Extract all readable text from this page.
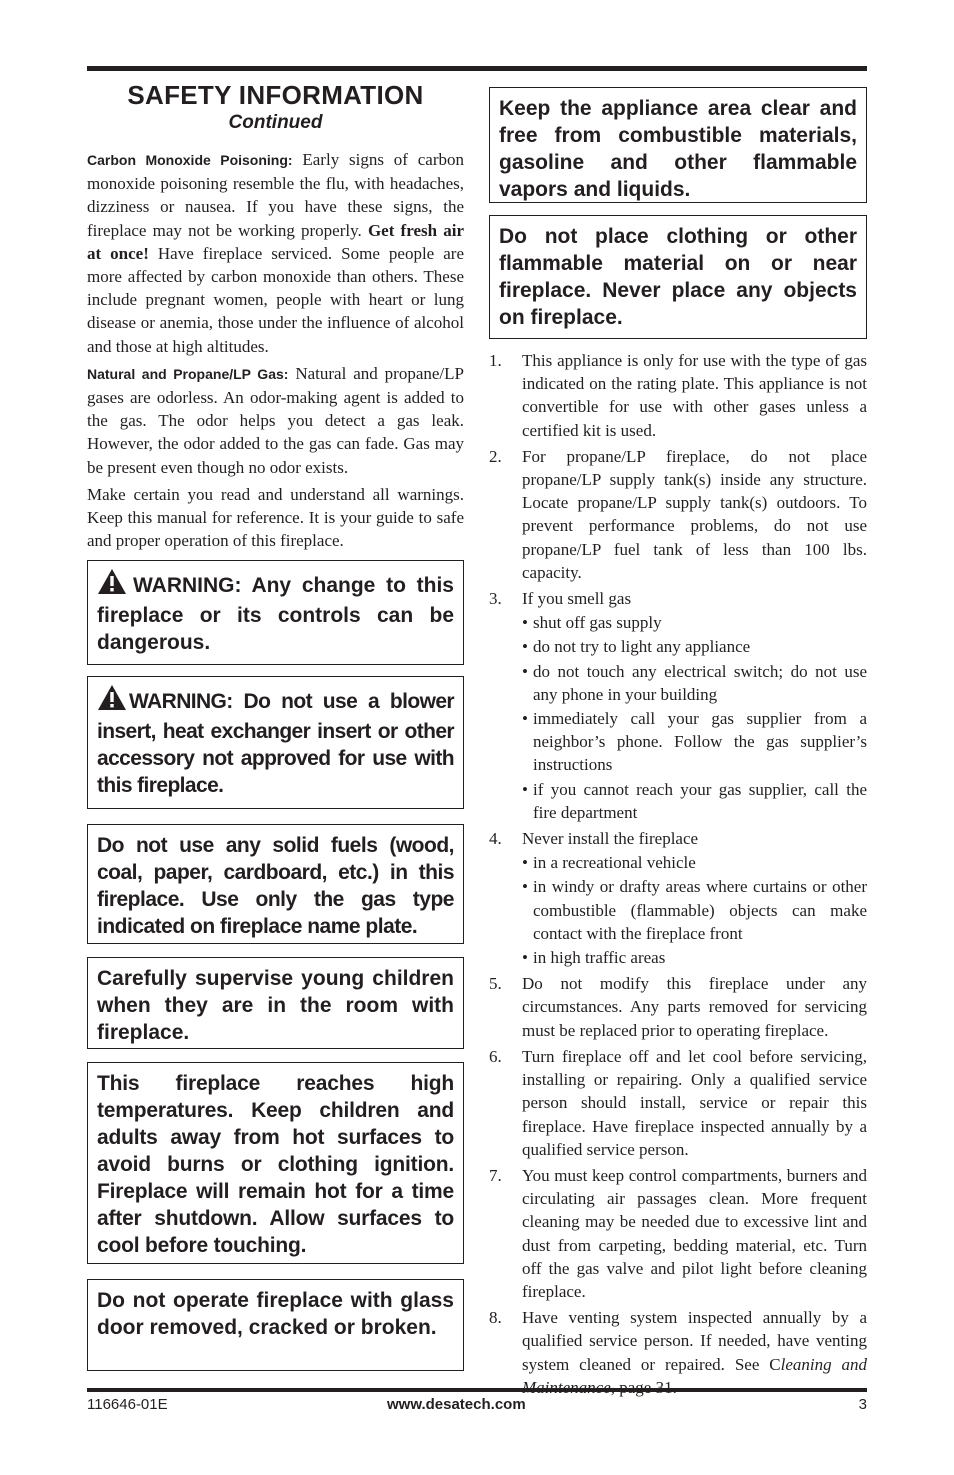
SAFETY INFORMATION
Continued

Carbon Monoxide Poisoning: Early signs of carbon monoxide poisoning resemble the flu, with headaches, dizziness or nausea. If you have these signs, the fireplace may not be working properly. Get fresh air at once! Have fireplace serviced. Some people are more affected by carbon monoxide than others. These include pregnant women, people with heart or lung disease or anemia, those under the influence of alcohol and those at high altitudes.

Natural and Propane/LP Gas: Natural and propane/LP gases are odorless. An odor-making agent is added to the gas. The odor helps you detect a gas leak. However, the odor added to the gas can fade. Gas may be present even though no odor exists.

Make certain you read and understand all warnings. Keep this manual for reference. It is your guide to safe and proper operation of this fireplace.

WARNING: Any change to this fireplace or its controls can be dangerous.
WARNING: Do not use a blower insert, heat exchanger insert or other accessory not approved for use with this fireplace.
Do not use any solid fuels (wood, coal, paper, cardboard, etc.) in this fireplace. Use only the gas type indicated on fireplace name plate.
Carefully supervise young children when they are in the room with fireplace.
This fireplace reaches high temperatures. Keep children and adults away from hot surfaces to avoid burns or clothing ignition. Fireplace will remain hot for a time after shutdown. Allow surfaces to cool before touching.
Do not operate fireplace with glass door removed, cracked or broken.
Keep the appliance area clear and free from combustible materials, gasoline and other flammable vapors and liquids.
Do not place clothing or other flammable material on or near fireplace. Never place any objects on fireplace.
1. This appliance is only for use with the type of gas indicated on the rating plate. This appliance is not convertible for use with other gases unless a certified kit is used.
2. For propane/LP fireplace, do not place propane/LP supply tank(s) inside any structure. Locate propane/LP supply tank(s) outdoors. To prevent performance problems, do not use propane/LP fuel tank of less than 100 lbs. capacity.
3. If you smell gas
• shut off gas supply
• do not try to light any appliance
• do not touch any electrical switch; do not use any phone in your building
• immediately call your gas supplier from a neighbor’s phone. Follow the gas supplier’s instructions
• if you cannot reach your gas supplier, call the fire department
4. Never install the fireplace
• in a recreational vehicle
• in windy or drafty areas where curtains or other combustible (flammable) objects can make contact with the fireplace front
• in high traffic areas
5. Do not modify this fireplace under any circumstances. Any parts removed for servicing must be replaced prior to operating fireplace.
6. Turn fireplace off and let cool before servicing, installing or repairing. Only a qualified service person should install, service or repair this fireplace. Have fireplace inspected annually by a qualified service person.
7. You must keep control compartments, burners and circulating air passages clean. More frequent cleaning may be needed due to excessive lint and dust from carpeting, bedding material, etc. Turn off the gas valve and pilot light before cleaning fireplace.
8. Have venting system inspected annually by a qualified service person. If needed, have venting system cleaned or repaired. See Cleaning and
116646-01E	www.desatech.com	3
